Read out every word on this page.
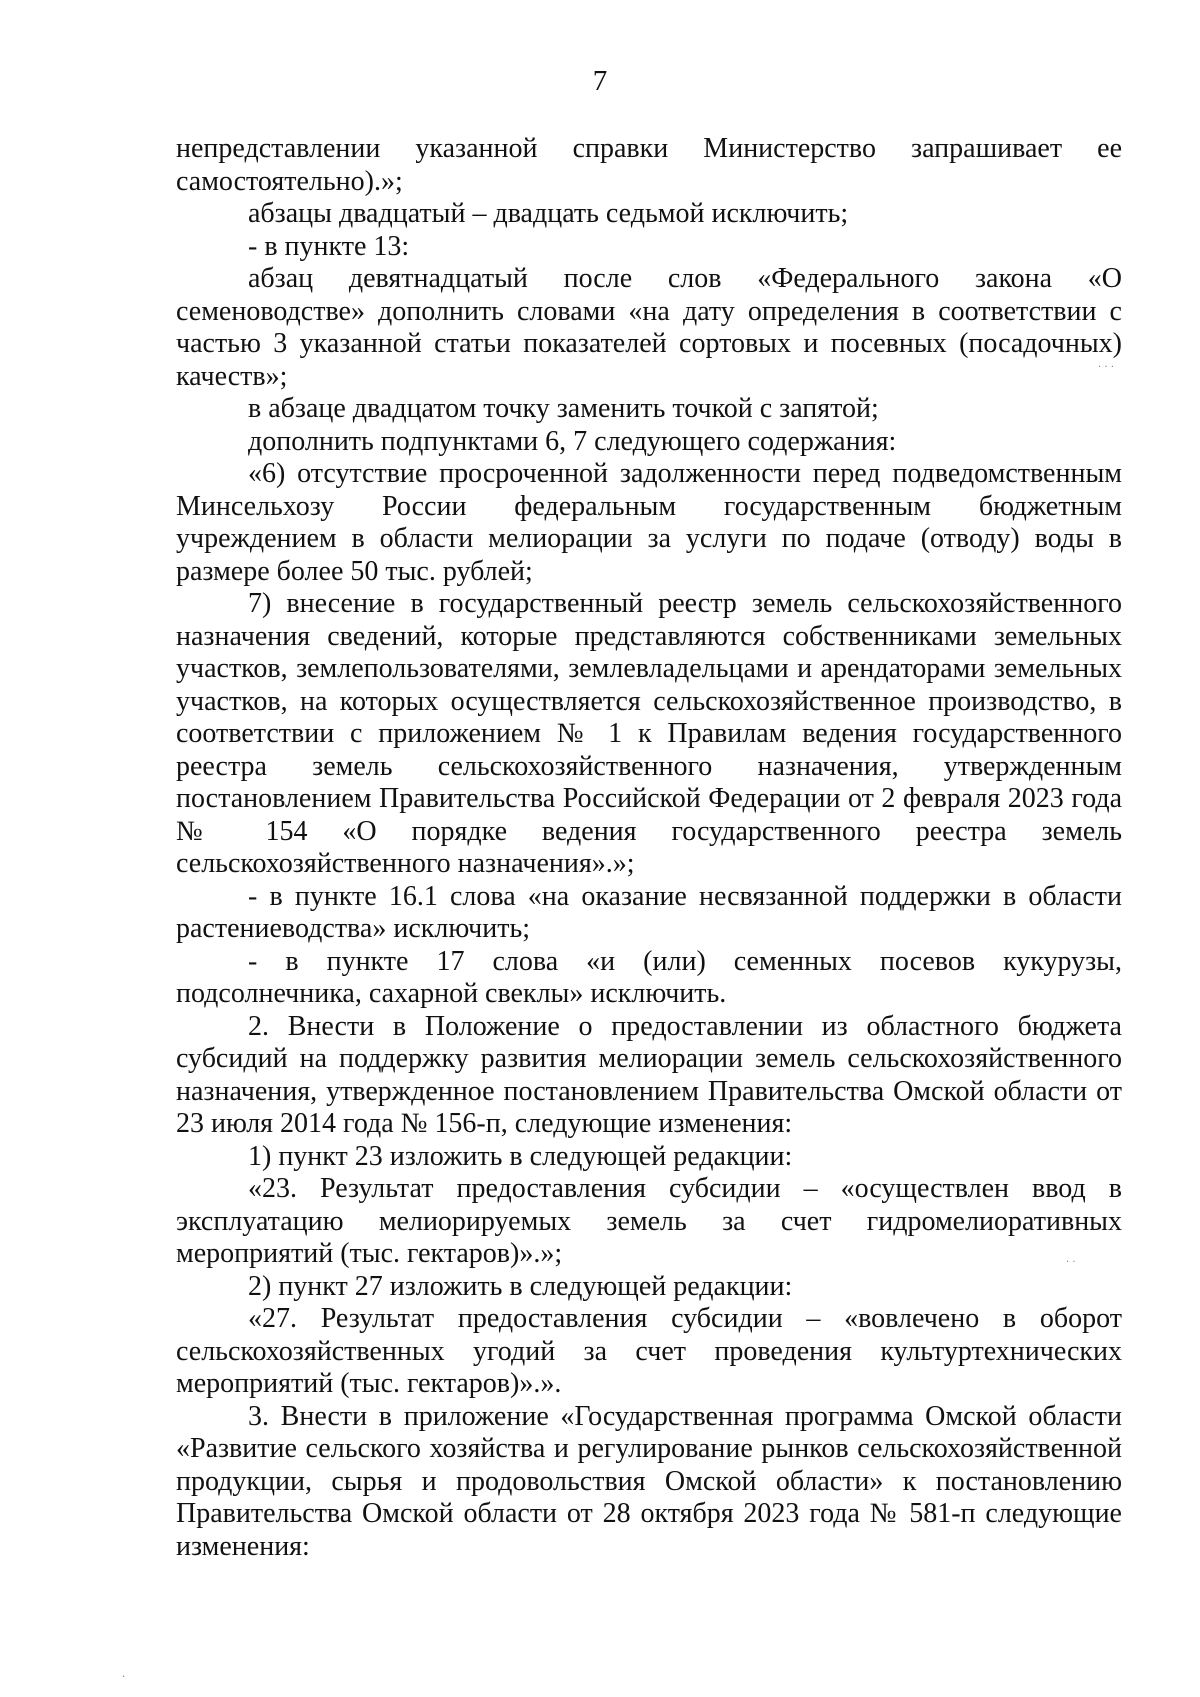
7

непредставлении указанной справки Министерство запрашивает ее самостоятельно).»;

абзацы двадцатый – двадцать седьмой исключить;

- в пункте 13:

абзац девятнадцатый после слов «Федерального закона «О семеноводстве» дополнить словами «на дату определения в соответствии с частью 3 указанной статьи показателей сортовых и посевных (посадочных) качеств»;

в абзаце двадцатом точку заменить точкой с запятой;

дополнить подпунктами 6, 7 следующего содержания:

«6) отсутствие просроченной задолженности перед подведомственным Минсельхозу России федеральным государственным бюджетным учреждением в области мелиорации за услуги по подаче (отводу) воды в размере более 50 тыс. рублей;

7) внесение в государственный реестр земель сельскохозяйственного назначения сведений, которые представляются собственниками земельных участков, землепользователями, землевладельцами и арендаторами земельных участков, на которых осуществляется сельскохозяйственное производство, в соответствии с приложением № 1 к Правилам ведения государственного реестра земель сельскохозяйственного назначения, утвержденным постановлением Правительства Российской Федерации от 2 февраля 2023 года № 154 «О порядке ведения государственного реестра земель сельскохозяйственного назначения».»;

- в пункте 16.1 слова «на оказание несвязанной поддержки в области растениеводства» исключить;

- в пункте 17 слова «и (или) семенных посевов кукурузы, подсолнечника, сахарной свеклы» исключить.

2. Внести в Положение о предоставлении из областного бюджета субсидий на поддержку развития мелиорации земель сельскохозяйственного назначения, утвержденное постановлением Правительства Омской области от 23 июля 2014 года № 156-п, следующие изменения:

1) пункт 23 изложить в следующей редакции:

«23. Результат предоставления субсидии – «осуществлен ввод в эксплуатацию мелиорируемых земель за счет гидромелиоративных мероприятий (тыс. гектаров)».»;

2) пункт 27 изложить в следующей редакции:

«27. Результат предоставления субсидии – «вовлечено в оборот сельскохозяйственных угодий за счет проведения культуртехнических мероприятий (тыс. гектаров)».».

3. Внести в приложение «Государственная программа Омской области «Развитие сельского хозяйства и регулирование рынков сельскохозяйственной продукции, сырья и продовольствия Омской области» к постановлению Правительства Омской области от 28 октября 2023 года № 581-п следующие изменения:

· · ·
· ·
·
